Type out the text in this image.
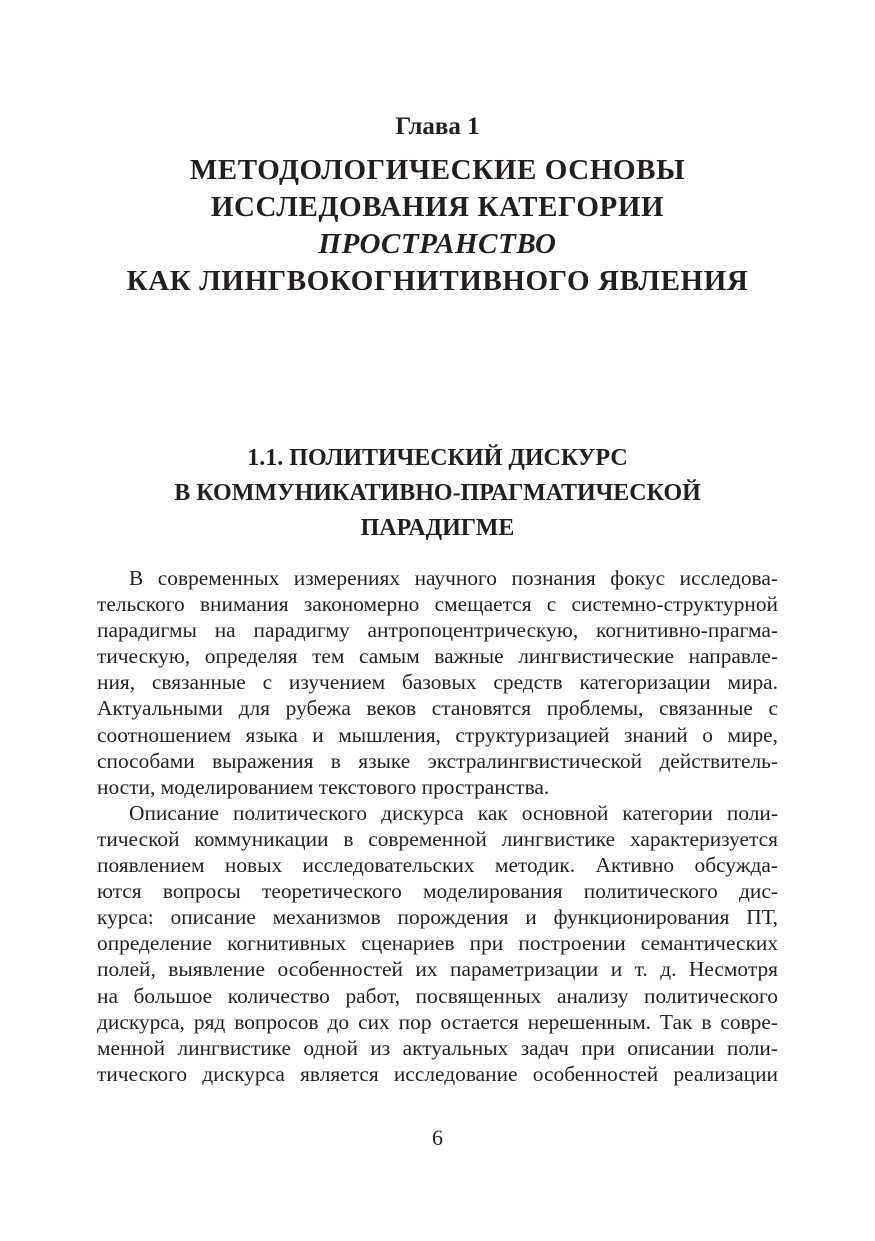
Глава 1
МЕТОДОЛОГИЧЕСКИЕ ОСНОВЫ
ИССЛЕДОВАНИЯ КАТЕГОРИИ
ПРОСТРАНСТВО
КАК ЛИНГВОКОГНИТИВНОГО ЯВЛЕНИЯ
1.1. ПОЛИТИЧЕСКИЙ ДИСКУРС
В КОММУНИКАТИВНО-ПРАГМАТИЧЕСКОЙ
ПАРАДИГМЕ
В современных измерениях научного познания фокус исследова-
тельского внимания закономерно смещается с системно-структурной
парадигмы на парадигму антропоцентрическую, когнитивно-прагма-
тическую, определяя тем самым важные лингвистические направле-
ния, связанные с изучением базовых средств категоризации мира.
Актуальными для рубежа веков становятся проблемы, связанные с
соотношением языка и мышления, структуризацией знаний о мире,
способами выражения в языке экстралингвистической действитель-
ности, моделированием текстового пространства.
Описание политического дискурса как основной категории поли-
тической коммуникации в современной лингвистике характеризуется
появлением новых исследовательских методик. Активно обсужда-
ются вопросы теоретического моделирования политического дис-
курса: описание механизмов порождения и функционирования ПТ,
определение когнитивных сценариев при построении семантических
полей, выявление особенностей их параметризации и т. д. Несмотря
на большое количество работ, посвященных анализу политического
дискурса, ряд вопросов до сих пор остается нерешенным. Так в совре-
менной лингвистике одной из актуальных задач при описании поли-
тического дискурса является исследование особенностей реализации
6
